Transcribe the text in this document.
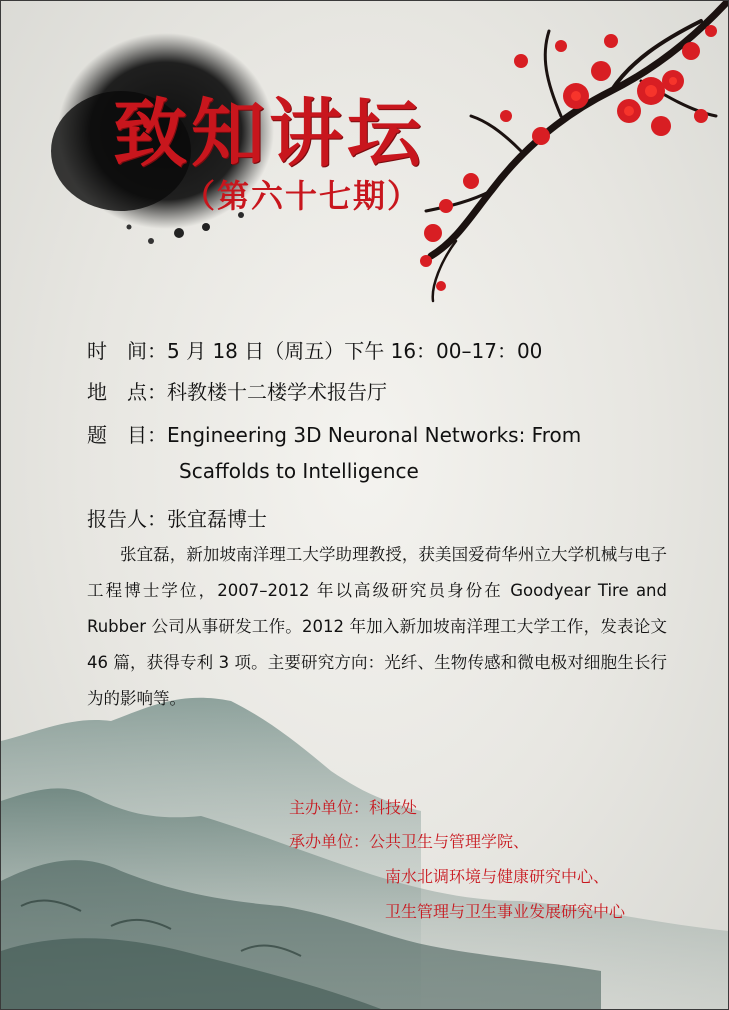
致知讲坛
（第六十七期）
时　间：5 月 18 日（周五）下午 16：00–17：00
地　点：科教楼十二楼学术报告厅
题　目：Engineering 3D Neuronal Networks: From
Scaffolds to Intelligence
报告人：张宜磊博士

张宜磊，新加坡南洋理工大学助理教授，获美国爱荷华州立大学机械与电子工程博士学位，2007–2012 年以高级研究员身份在 Goodyear Tire and Rubber 公司从事研发工作。2012 年加入新加坡南洋理工大学工作，发表论文 46 篇，获得专利 3 项。主要研究方向：光纤、生物传感和微电极对细胞生长行为的影响等。

主办单位：科技处
承办单位：公共卫生与管理学院、
南水北调环境与健康研究中心、
卫生管理与卫生事业发展研究中心
